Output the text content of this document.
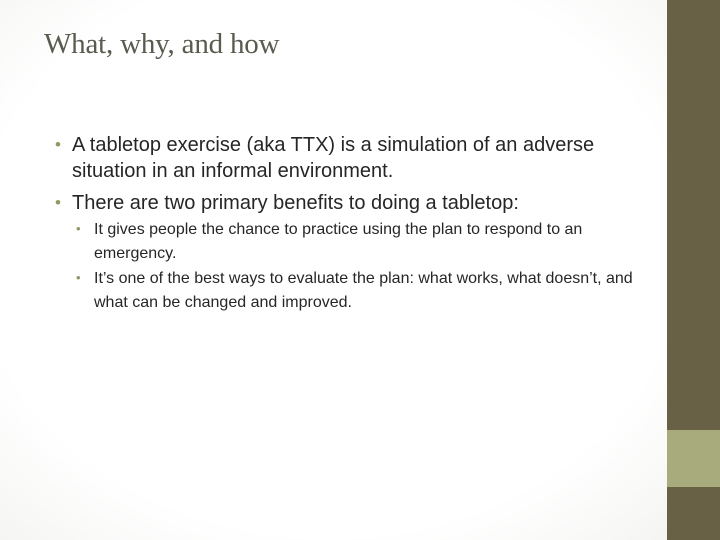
What, why, and how
• A tabletop exercise (aka TTX) is a simulation of an adverse situation in an informal environment.
• There are two primary benefits to doing a tabletop:
• It gives people the chance to practice using the plan to respond to an emergency.
• It’s one of the best ways to evaluate the plan: what works, what doesn’t, and what can be changed and improved.
